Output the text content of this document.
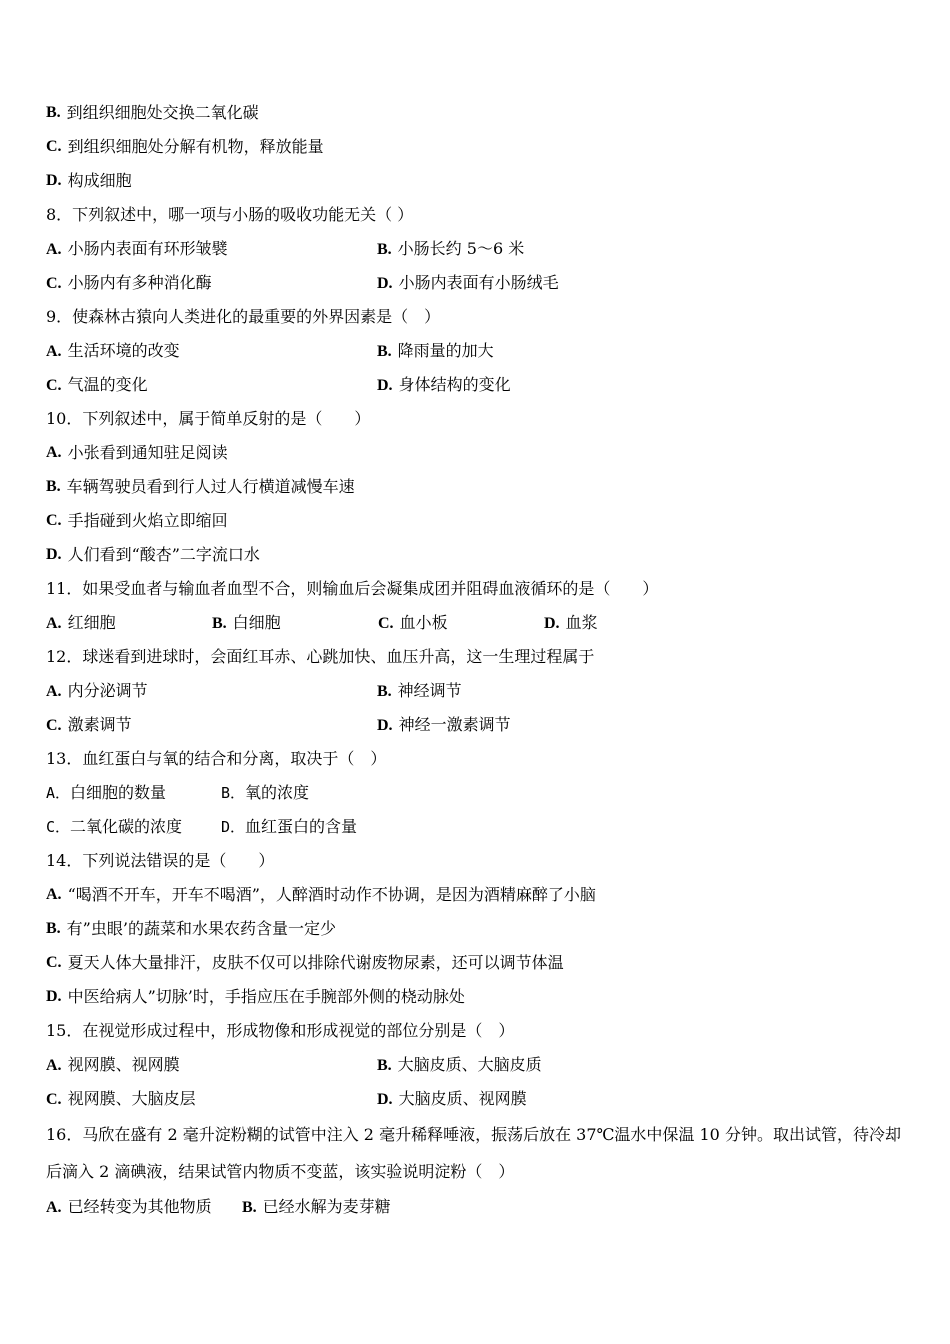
B. 到组织细胞处交换二氧化碳
C. 到组织细胞处分解有机物，释放能量
D. 构成细胞
8．下列叙述中，哪一项与小肠的吸收功能无关（ ）
A. 小肠内表面有环形皱襞	B. 小肠长约 5～6 米
C. 小肠内有多种消化酶	D. 小肠内表面有小肠绒毛
9．使森林古猿向人类进化的最重要的外界因素是（　）
A. 生活环境的改变	B. 降雨量的加大
C. 气温的变化	D. 身体结构的变化
10．下列叙述中，属于简单反射的是（　　）
A. 小张看到通知驻足阅读
B. 车辆驾驶员看到行人过人行横道减慢车速
C. 手指碰到火焰立即缩回
D. 人们看到“酸杏”二字流口水
11．如果受血者与输血者血型不合，则输血后会凝集成团并阻碍血液循环的是（　　）
A. 红细胞	B. 白细胞	C. 血小板	D. 血浆
12．球迷看到进球时，会面红耳赤、心跳加快、血压升高，这一生理过程属于
A. 内分泌调节	B. 神经调节
C. 激素调节	D. 神经一激素调节
13．血红蛋白与氧的结合和分离，取决于（　）
A．白细胞的数量	B．氧的浓度
C．二氧化碳的浓度	D．血红蛋白的含量
14．下列说法错误的是（　　）
A. “喝酒不开车，开车不喝酒”，人醉酒时动作不协调，是因为酒精麻醉了小脑
B. 有”虫眼’的蔬菜和水果农药含量一定少
C. 夏天人体大量排汗，皮肤不仅可以排除代谢废物尿素，还可以调节体温
D. 中医给病人”切脉’时，手指应压在手腕部外侧的桡动脉处
15．在视觉形成过程中，形成物像和形成视觉的部位分别是（　）
A. 视网膜、视网膜	B. 大脑皮质、大脑皮质
C. 视网膜、大脑皮层	D. 大脑皮质、视网膜
16．马欣在盛有 2 毫升淀粉糊的试管中注入 2 毫升稀释唾液，振荡后放在 37℃温水中保温 10 分钟。取出试管，待冷却
后滴入 2 滴碘液，结果试管内物质不变蓝，该实验说明淀粉（　）
A. 已经转变为其他物质	B. 已经水解为麦芽糖
